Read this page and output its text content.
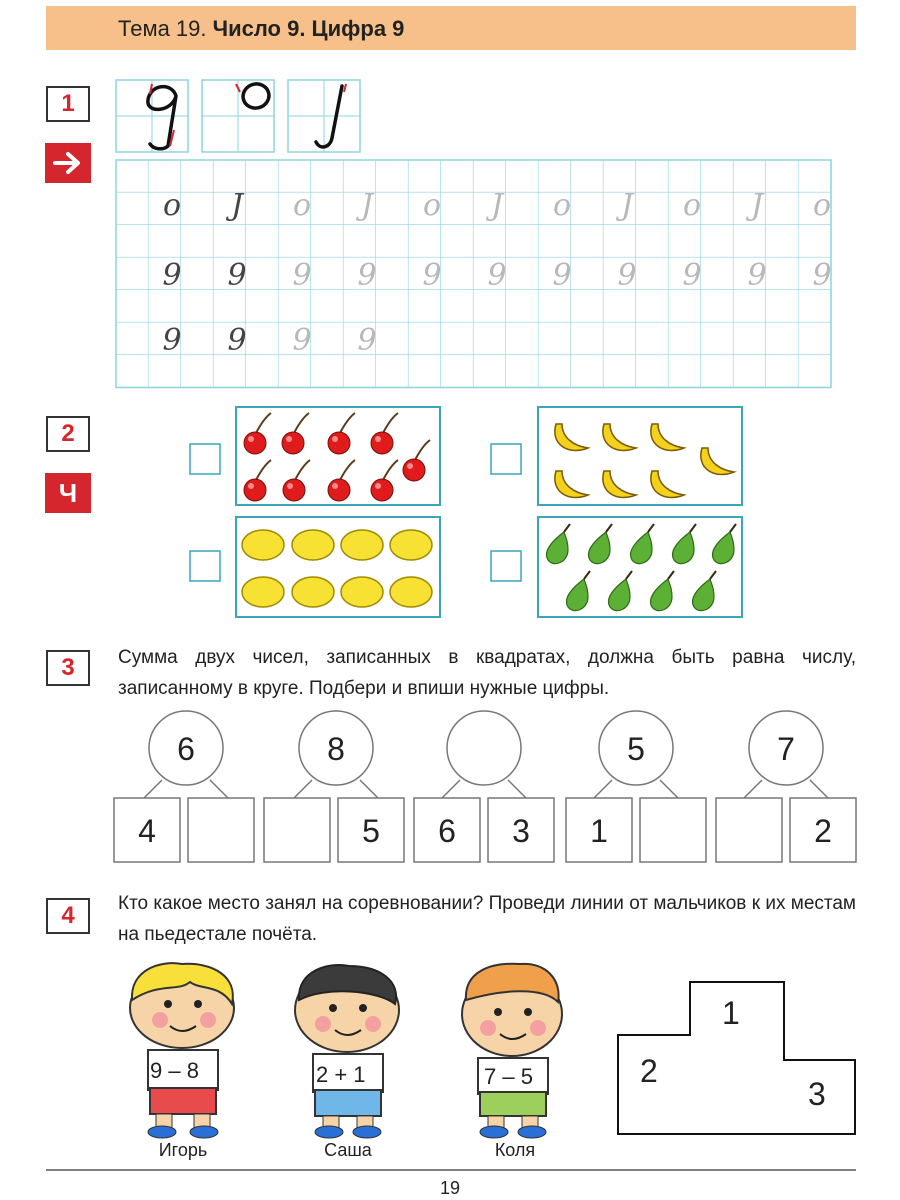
Тема 19. Число 9. Цифра 9
1
2
Ч
3
4
Сумма двух чисел, записанных в квадратах, должна быть равна числу, записанному в круге. Подбери и впиши нужные цифры.
Кто какое место занял на соревновании? Проведи линии от мальчиков к их местам на пьедестале почёта.
o J o J o J o J o J o
9 9 9 9 9 9 9 9 9 9 9
9 9 9 9
6
4
8
5 6 3
5
1
7
2
1
2
3
9 – 8	2 + 1	7 – 5
Игорь	Саша	Коля
19
